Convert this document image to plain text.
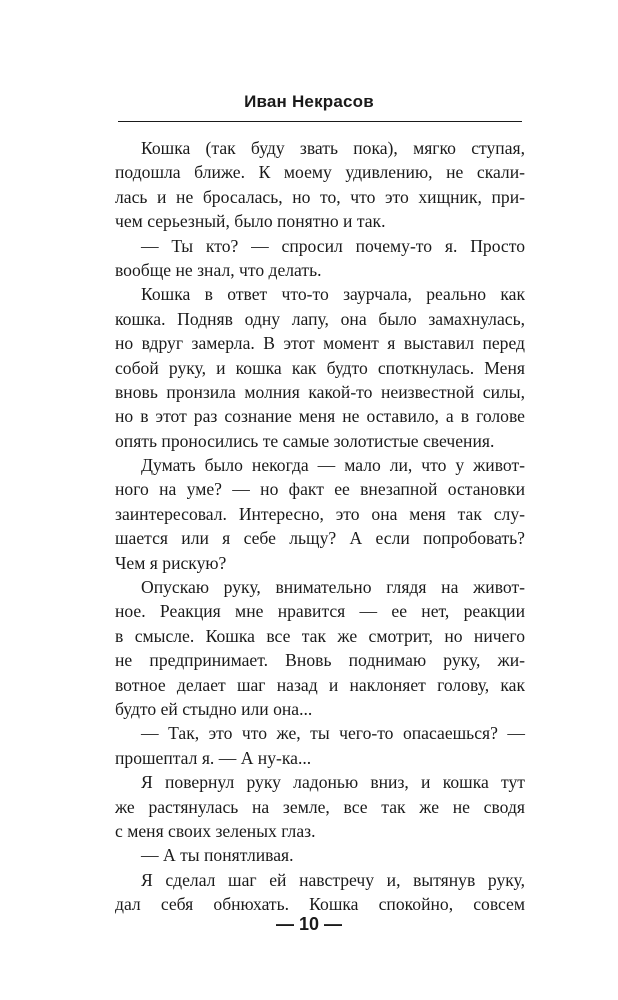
Иван Некрасов
Кошка (так буду звать пока), мягко ступая,
подошла ближе. К моему удивлению, не скали-
лась и не бросалась, но то, что это хищник, при-
чем серьезный, было понятно и так.
— Ты кто? — спросил почему-то я. Просто
вообще не знал, что делать.
Кошка в ответ что-то заурчала, реально как
кошка. Подняв одну лапу, она было замахнулась,
но вдруг замерла. В этот момент я выставил перед
собой руку, и кошка как будто споткнулась. Меня
вновь пронзила молния какой-то неизвестной силы,
но в этот раз сознание меня не оставило, а в голове
опять проносились те самые золотистые свечения.
Думать было некогда — мало ли, что у живот-
ного на уме? — но факт ее внезапной остановки
заинтересовал. Интересно, это она меня так слу-
шается или я себе льщу? А если попробовать?
Чем я рискую?
Опускаю руку, внимательно глядя на живот-
ное. Реакция мне нравится — ее нет, реакции
в смысле. Кошка все так же смотрит, но ничего
не предпринимает. Вновь поднимаю руку, жи-
вотное делает шаг назад и наклоняет голову, как
будто ей стыдно или она...
— Так, это что же, ты чего-то опасаешься? —
прошептал я. — А ну-ка...
Я повернул руку ладонью вниз, и кошка тут
же растянулась на земле, все так же не сводя
с меня своих зеленых глаз.
— А ты понятливая.
Я сделал шаг ей навстречу и, вытянув руку,
дал себя обнюхать. Кошка спокойно, совсем
— 10 —
